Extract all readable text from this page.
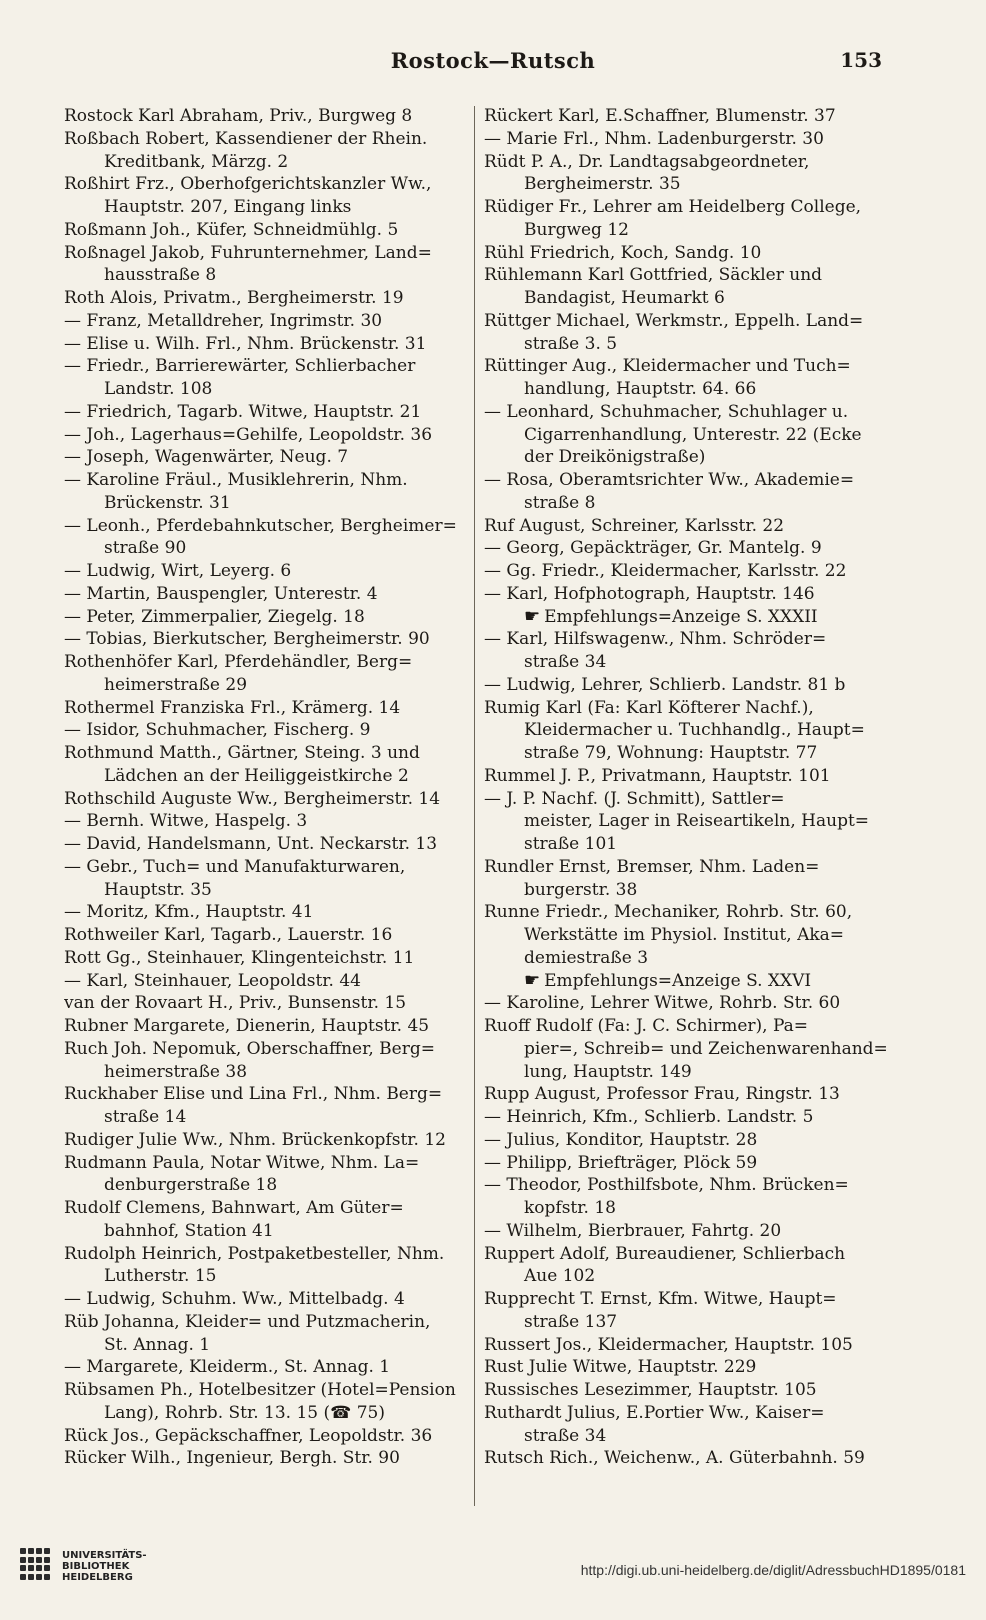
Rostock—Rutsch	153
Rostock Karl Abraham, Priv., Burgweg 8
Roßbach Robert, Kassendiener der Rhein.
Kreditbank, Märzg. 2
Roßhirt Frz., Oberhofgerichtskanzler Ww.,
Hauptstr. 207, Eingang links
Roßmann Joh., Küfer, Schneidmühlg. 5
Roßnagel Jakob, Fuhrunternehmer, Land=
hausstraße 8
Roth Alois, Privatm., Bergheimerstr. 19
— Franz, Metalldreher, Ingrimstr. 30
— Elise u. Wilh. Frl., Nhm. Brückenstr. 31
— Friedr., Barrierewärter, Schlierbacher
Landstr. 108
— Friedrich, Tagarb. Witwe, Hauptstr. 21
— Joh., Lagerhaus=Gehilfe, Leopoldstr. 36
— Joseph, Wagenwärter, Neug. 7
— Karoline Fräul., Musiklehrerin, Nhm.
Brückenstr. 31
— Leonh., Pferdebahnkutscher, Bergheimer=
straße 90
— Ludwig, Wirt, Leyerg. 6
— Martin, Bauspengler, Unterestr. 4
— Peter, Zimmerpalier, Ziegelg. 18
— Tobias, Bierkutscher, Bergheimerstr. 90
Rothenhöfer Karl, Pferdehändler, Berg=
heimerstraße 29
Rothermel Franziska Frl., Krämerg. 14
— Isidor, Schuhmacher, Fischerg. 9
Rothmund Matth., Gärtner, Steing. 3 und
Lädchen an der Heiliggeistkirche 2
Rothschild Auguste Ww., Bergheimerstr. 14
— Bernh. Witwe, Haspelg. 3
— David, Handelsmann, Unt. Neckarstr. 13
— Gebr., Tuch= und Manufakturwaren,
Hauptstr. 35
— Moritz, Kfm., Hauptstr. 41
Rothweiler Karl, Tagarb., Lauerstr. 16
Rott Gg., Steinhauer, Klingenteichstr. 11
— Karl, Steinhauer, Leopoldstr. 44
van der Rovaart H., Priv., Bunsenstr. 15
Rubner Margarete, Dienerin, Hauptstr. 45
Ruch Joh. Nepomuk, Oberschaffner, Berg=
heimerstraße 38
Ruckhaber Elise und Lina Frl., Nhm. Berg=
straße 14
Rudiger Julie Ww., Nhm. Brückenkopfstr. 12
Rudmann Paula, Notar Witwe, Nhm. La=
denburgerstraße 18
Rudolf Clemens, Bahnwart, Am Güter=
bahnhof, Station 41
Rudolph Heinrich, Postpaketbesteller, Nhm.
Lutherstr. 15
— Ludwig, Schuhm. Ww., Mittelbadg. 4
Rüb Johanna, Kleider= und Putzmacherin,
St. Annag. 1
— Margarete, Kleiderm., St. Annag. 1
Rübsamen Ph., Hotelbesitzer (Hotel=Pension
Lang), Rohrb. Str. 13. 15 (☎ 75)
Rück Jos., Gepäckschaffner, Leopoldstr. 36
Rücker Wilh., Ingenieur, Bergh. Str. 90
Rückert Karl, E.Schaffner, Blumenstr. 37
— Marie Frl., Nhm. Ladenburgerstr. 30
Rüdt P. A., Dr. Landtagsabgeordneter,
Bergheimerstr. 35
Rüdiger Fr., Lehrer am Heidelberg College,
Burgweg 12
Rühl Friedrich, Koch, Sandg. 10
Rühlemann Karl Gottfried, Säckler und
Bandagist, Heumarkt 6
Rüttger Michael, Werkmstr., Eppelh. Land=
straße 3. 5
Rüttinger Aug., Kleidermacher und Tuch=
handlung, Hauptstr. 64. 66
— Leonhard, Schuhmacher, Schuhlager u.
Cigarrenhandlung, Unterestr. 22 (Ecke
der Dreikönigstraße)
— Rosa, Oberamtsrichter Ww., Akademie=
straße 8
Ruf August, Schreiner, Karlsstr. 22
— Georg, Gepäckträger, Gr. Mantelg. 9
— Gg. Friedr., Kleidermacher, Karlsstr. 22
— Karl, Hofphotograph, Hauptstr. 146
☛ Empfehlungs=Anzeige S. XXXII
— Karl, Hilfswagenw., Nhm. Schröder=
straße 34
— Ludwig, Lehrer, Schlierb. Landstr. 81 b
Rumig Karl (Fa: Karl Köfterer Nachf.),
Kleidermacher u. Tuchhandlg., Haupt=
straße 79, Wohnung: Hauptstr. 77
Rummel J. P., Privatmann, Hauptstr. 101
— J. P. Nachf. (J. Schmitt), Sattler=
meister, Lager in Reiseartikeln, Haupt=
straße 101
Rundler Ernst, Bremser, Nhm. Laden=
burgerstr. 38
Runne Friedr., Mechaniker, Rohrb. Str. 60,
Werkstätte im Physiol. Institut, Aka=
demiestraße 3
☛ Empfehlungs=Anzeige S. XXVI
— Karoline, Lehrer Witwe, Rohrb. Str. 60
Ruoff Rudolf (Fa: J. C. Schirmer), Pa=
pier=, Schreib= und Zeichenwarenhand=
lung, Hauptstr. 149
Rupp August, Professor Frau, Ringstr. 13
— Heinrich, Kfm., Schlierb. Landstr. 5
— Julius, Konditor, Hauptstr. 28
— Philipp, Briefträger, Plöck 59
— Theodor, Posthilfsbote, Nhm. Brücken=
kopfstr. 18
— Wilhelm, Bierbrauer, Fahrtg. 20
Ruppert Adolf, Bureaudiener, Schlierbach
Aue 102
Rupprecht T. Ernst, Kfm. Witwe, Haupt=
straße 137
Russert Jos., Kleidermacher, Hauptstr. 105
Rust Julie Witwe, Hauptstr. 229
Russisches Lesezimmer, Hauptstr. 105
Ruthardt Julius, E.Portier Ww., Kaiser=
straße 34
Rutsch Rich., Weichenw., A. Güterbahnh. 59
UNIVERSITÄTS-
BIBLIOTHEK
HEIDELBERG	http://digi.ub.uni-heidelberg.de/diglit/AdressbuchHD1895/0181
